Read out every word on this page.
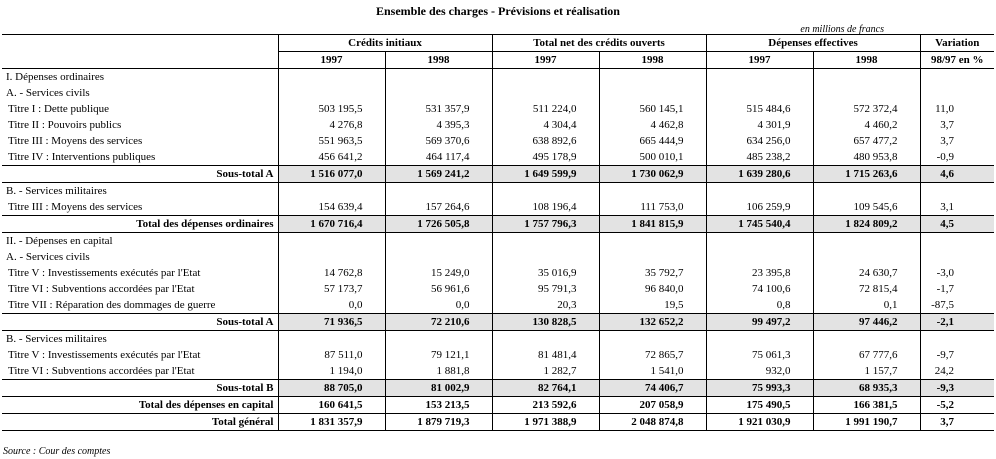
Ensemble des charges - Prévisions et réalisation
en millions de francs
	Crédits initiaux		Total net des crédits ouverts		Dépenses effectives		Variation
	1997	1998	1997	1998	1997	1998	98/97 en %
I. Dépenses ordinaires							
A. - Services civils							
Titre I : Dette publique	503 195,5	531 357,9	511 224,0	560 145,1	515 484,6	572 372,4	11,0
Titre II : Pouvoirs publics	4 276,8	4 395,3	4 304,4	4 462,8	4 301,9	4 460,2	3,7
Titre III : Moyens des services	551 963,5	569 370,6	638 892,6	665 444,9	634 256,0	657 477,2	3,7
Titre IV : Interventions publiques	456 641,2	464 117,4	495 178,9	500 010,1	485 238,2	480 953,8	-0,9
Sous-total A	1 516 077,0	1 569 241,2	1 649 599,9	1 730 062,9	1 639 280,6	1 715 263,6	4,6
B. - Services militaires							
Titre III : Moyens des services	154 639,4	157 264,6	108 196,4	111 753,0	106 259,9	109 545,6	3,1
Total des dépenses ordinaires	1 670 716,4	1 726 505,8	1 757 796,3	1 841 815,9	1 745 540,4	1 824 809,2	4,5
II. - Dépenses en capital							
A. - Services civils							
Titre V : Investissements exécutés par l'Etat	14 762,8	15 249,0	35 016,9	35 792,7	23 395,8	24 630,7	-3,0
Titre VI : Subventions accordées par l'Etat	57 173,7	56 961,6	95 791,3	96 840,0	74 100,6	72 815,4	-1,7
Titre VII : Réparation des dommages de guerre	0,0	0,0	20,3	19,5	0,8	0,1	-87,5
Sous-total A	71 936,5	72 210,6	130 828,5	132 652,2	99 497,2	97 446,2	-2,1
B. - Services militaires							
Titre V : Investissements exécutés par l'Etat	87 511,0	79 121,1	81 481,4	72 865,7	75 061,3	67 777,6	-9,7
Titre VI : Subventions accordées par l'Etat	1 194,0	1 881,8	1 282,7	1 541,0	932,0	1 157,7	24,2
Sous-total B	88 705,0	81 002,9	82 764,1	74 406,7	75 993,3	68 935,3	-9,3
Total des dépenses en capital	160 641,5	153 213,5	213 592,6	207 058,9	175 490,5	166 381,5	-5,2
Total général	1 831 357,9	1 879 719,3	1 971 388,9	2 048 874,8	1 921 030,9	1 991 190,7	3,7
Source : Cour des comptes
